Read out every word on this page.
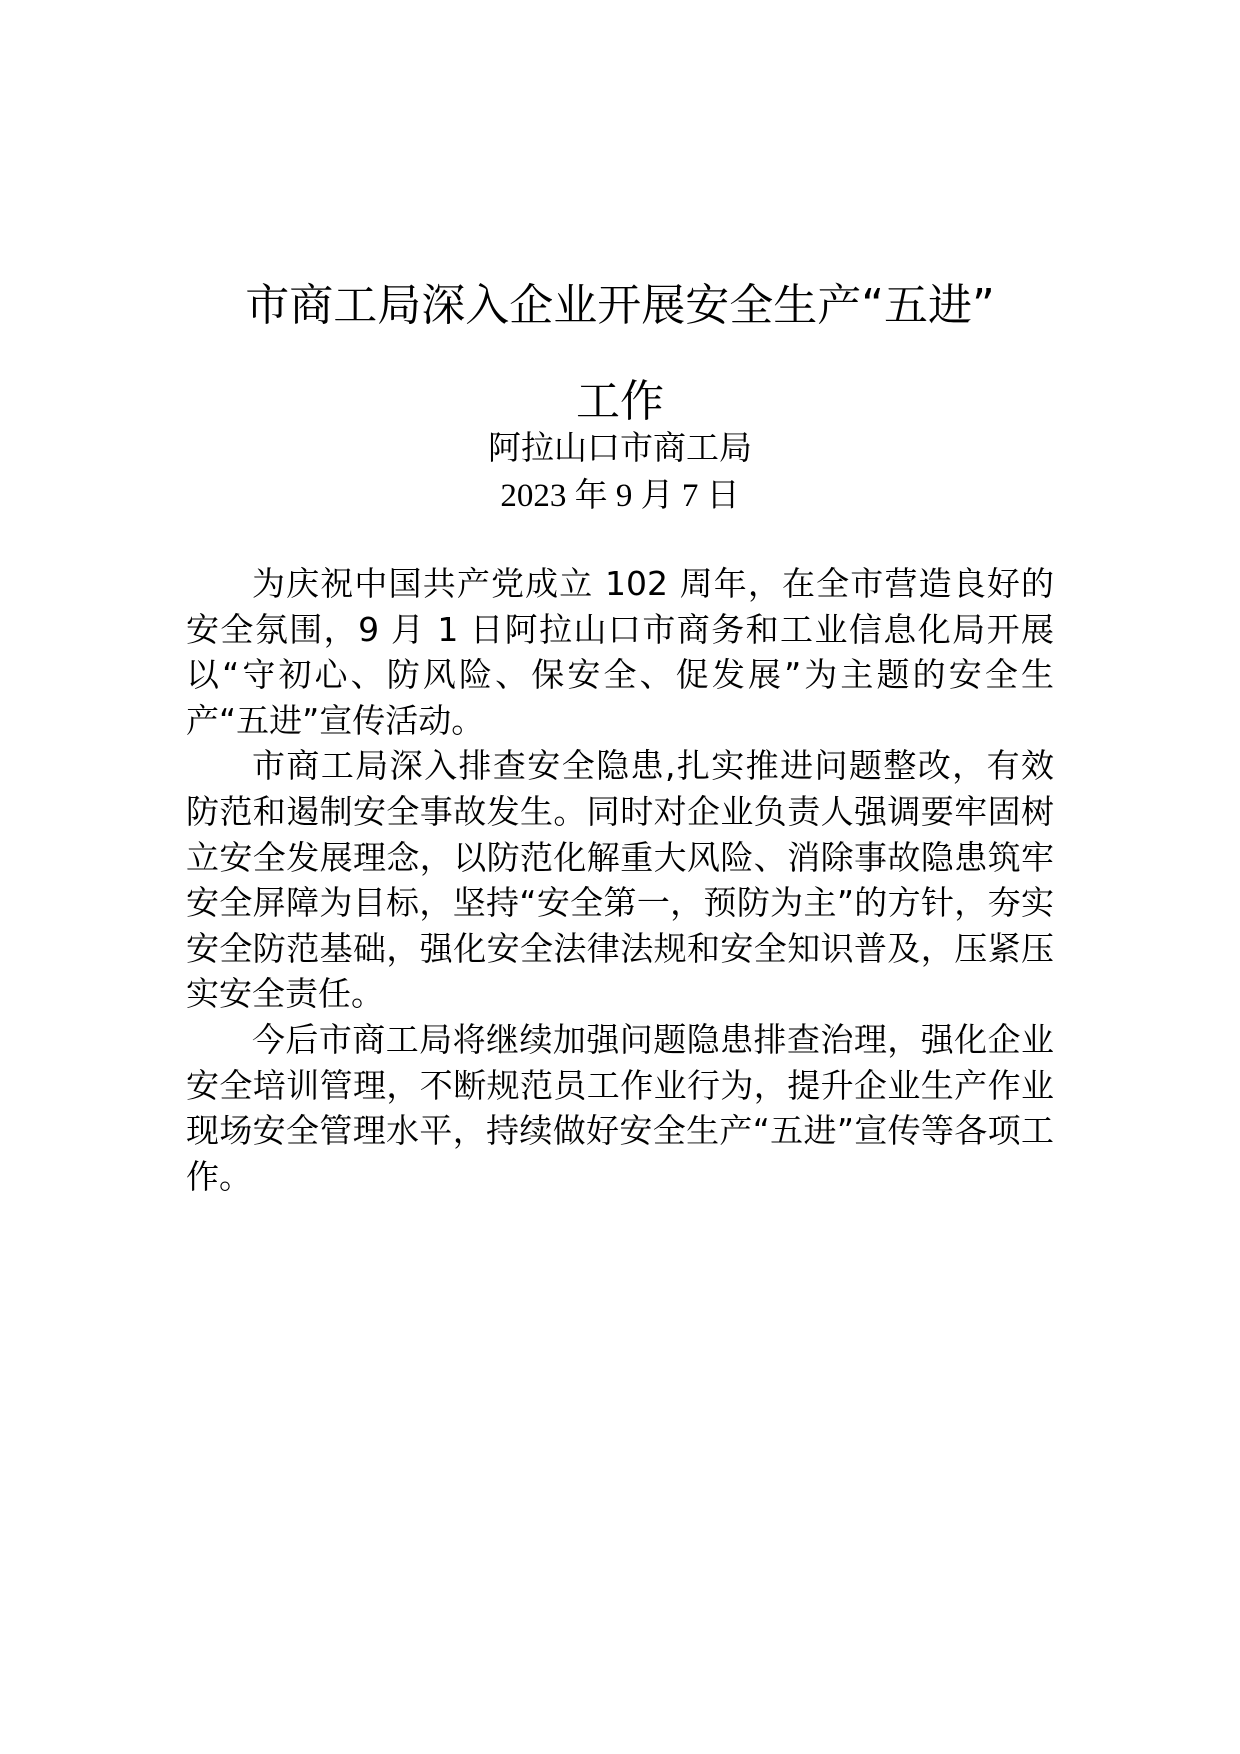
市商工局深入企业开展安全生产“五进”
工作
阿拉山口市商工局
2023 年 9 月 7 日

为庆祝中国共产党成立 102 周年，在全市营造良好的安全氛围，9 月 1 日阿拉山口市商务和工业信息化局开展以“守初心、防风险、保安全、促发展”为主题的安全生产“五进”宣传活动。

市商工局深入排查安全隐患,扎实推进问题整改，有效防范和遏制安全事故发生。同时对企业负责人强调要牢固树立安全发展理念，以防范化解重大风险、消除事故隐患筑牢安全屏障为目标，坚持“安全第一，预防为主”的方针，夯实安全防范基础，强化安全法律法规和安全知识普及，压紧压实安全责任。

今后市商工局将继续加强问题隐患排查治理，强化企业安全培训管理，不断规范员工作业行为，提升企业生产作业现场安全管理水平，持续做好安全生产“五进”宣传等各项工作。
